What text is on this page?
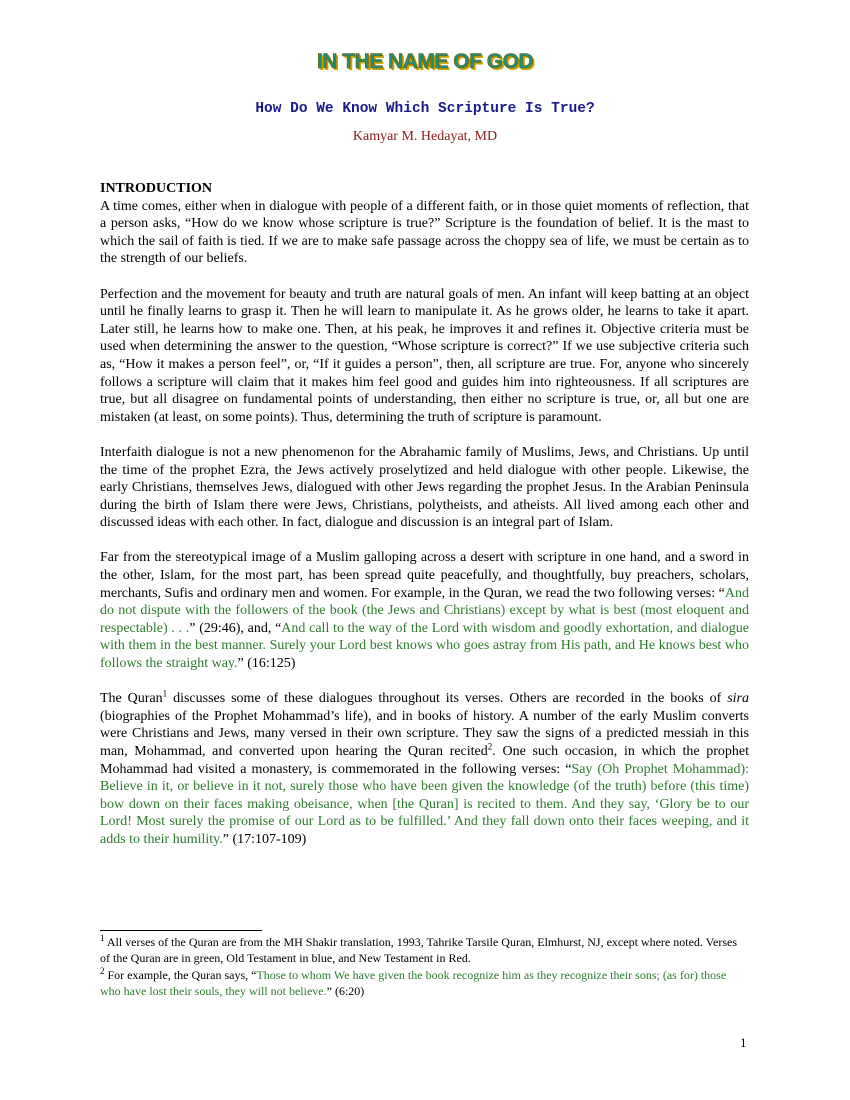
IN THE NAME OF GOD
How Do We Know Which Scripture Is True?
Kamyar M. Hedayat, MD
INTRODUCTION

A time comes, either when in dialogue with people of a different faith, or in those quiet moments of reflection, that a person asks, “How do we know whose scripture is true?” Scripture is the foundation of belief. It is the mast to which the sail of faith is tied. If we are to make safe passage across the choppy sea of life, we must be certain as to the strength of our beliefs.

Perfection and the movement for beauty and truth are natural goals of men. An infant will keep batting at an object until he finally learns to grasp it. Then he will learn to manipulate it. As he grows older, he learns to take it apart. Later still, he learns how to make one. Then, at his peak, he improves it and refines it. Objective criteria must be used when determining the answer to the question, “Whose scripture is correct?” If we use subjective criteria such as, “How it makes a person feel”, or, “If it guides a person”, then, all scripture are true. For, anyone who sincerely follows a scripture will claim that it makes him feel good and guides him into righteousness. If all scriptures are true, but all disagree on fundamental points of understanding, then either no scripture is true, or, all but one are mistaken (at least, on some points). Thus, determining the truth of scripture is paramount.

Interfaith dialogue is not a new phenomenon for the Abrahamic family of Muslims, Jews, and Christians. Up until the time of the prophet Ezra, the Jews actively proselytized and held dialogue with other people. Likewise, the early Christians, themselves Jews, dialogued with other Jews regarding the prophet Jesus. In the Arabian Peninsula during the birth of Islam there were Jews, Christians, polytheists, and atheists. All lived among each other and discussed ideas with each other. In fact, dialogue and discussion is an integral part of Islam.

Far from the stereotypical image of a Muslim galloping across a desert with scripture in one hand, and a sword in the other, Islam, for the most part, has been spread quite peacefully, and thoughtfully, buy preachers, scholars, merchants, Sufis and ordinary men and women. For example, in the Quran, we read the two following verses: “And do not dispute with the followers of the book (the Jews and Christians) except by what is best (most eloquent and respectable) . . .” (29:46), and, “And call to the way of the Lord with wisdom and goodly exhortation, and dialogue with them in the best manner. Surely your Lord best knows who goes astray from His path, and He knows best who follows the straight way.” (16:125)

The Quran$^1$ discusses some of these dialogues throughout its verses. Others are recorded in the books of sira (biographies of the Prophet Mohammad’s life), and in books of history. A number of the early Muslim converts were Christians and Jews, many versed in their own scripture. They saw the signs of a predicted messiah in this man, Mohammad, and converted upon hearing the Quran recited$^2$. One such occasion, in which the prophet Mohammad had visited a monastery, is commemorated in the following verses: “Say (Oh Prophet Mohammad): Believe in it, or believe in it not, surely those who have been given the knowledge (of the truth) before (this time) bow down on their faces making obeisance, when [the Quran] is recited to them. And they say, ‘Glory be to our Lord! Most surely the promise of our Lord as to be fulfilled.’ And they fall down onto their faces weeping, and it adds to their humility.” (17:107-109)

$^1$ All verses of the Quran are from the MH Shakir translation, 1993, Tahrike Tarsile Quran, Elmhurst, NJ, except where noted. Verses of the Quran are in green, Old Testament in blue, and New Testament in Red.
$^2$ For example, the Quran says, “Those to whom We have given the book recognize him as they recognize their sons; (as for) those who have lost their souls, they will not believe.” (6:20)
1
